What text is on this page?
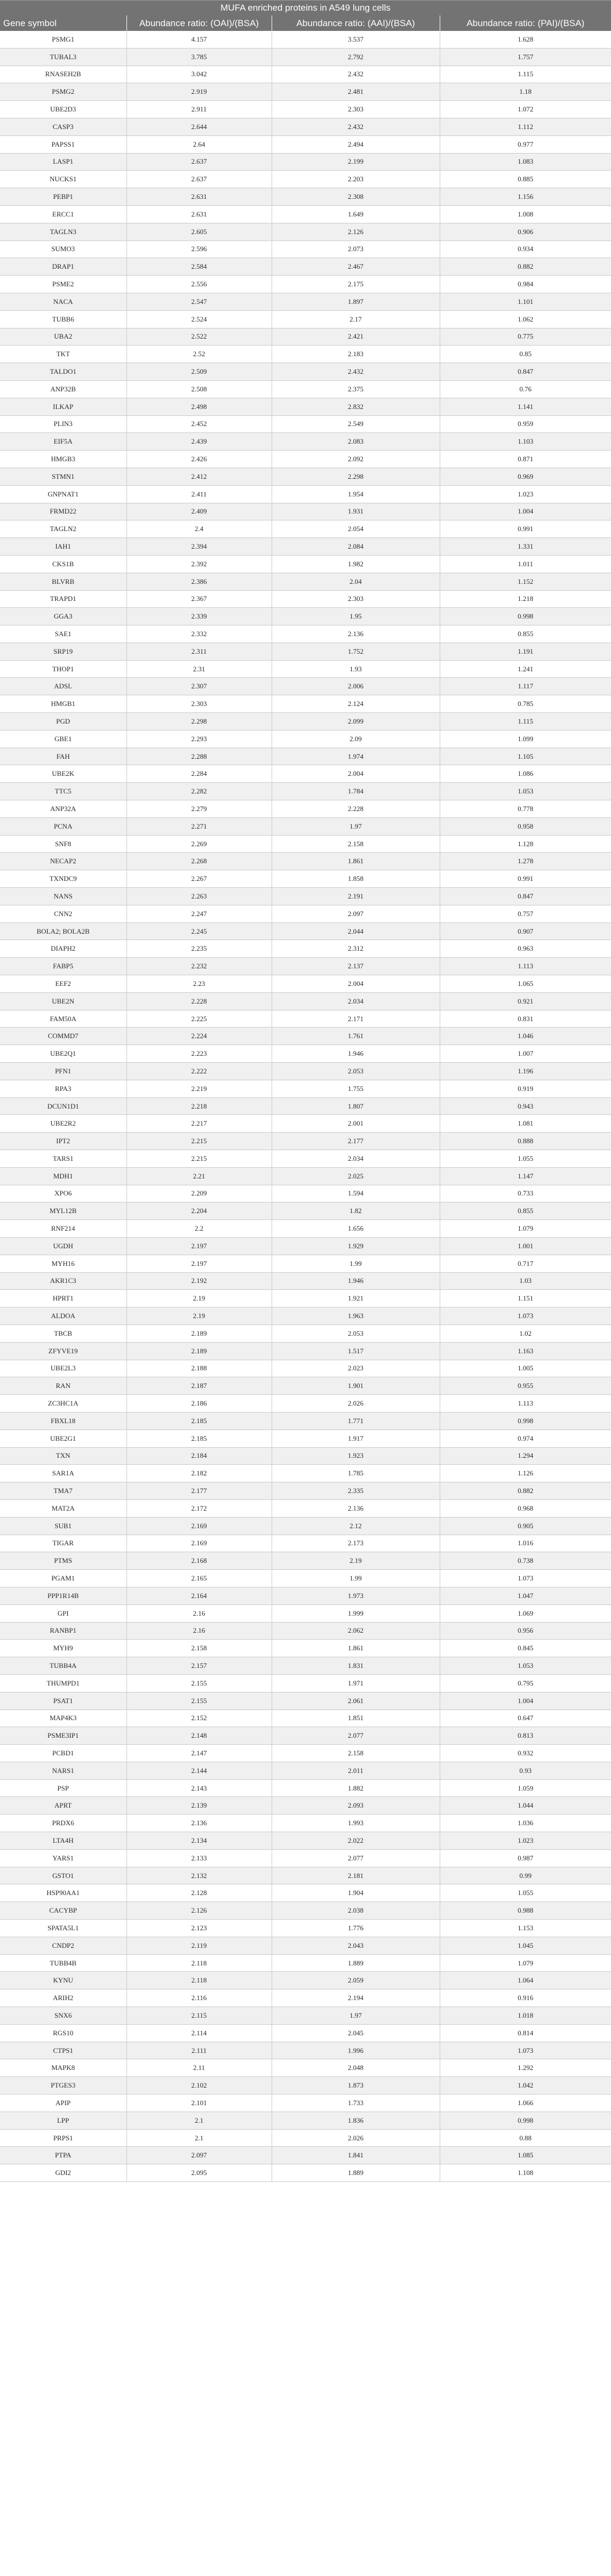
MUFA enriched proteins in A549 lung cells
Gene symbol	Abundance ratio: (OAI)/(BSA)	Abundance ratio: (AAI)/(BSA)	Abundance ratio: (PAI)/(BSA)
PSMG1	4.157	3.537	1.628
TUBAL3	3.785	2.792	1.757
RNASEH2B	3.042	2.432	1.115
PSMG2	2.919	2.481	1.18
UBE2D3	2.911	2.303	1.072
CASP3	2.644	2.432	1.112
PAPSS1	2.64	2.494	0.977
LASP1	2.637	2.199	1.083
NUCKS1	2.637	2.203	0.885
PEBP1	2.631	2.308	1.156
ERCC1	2.631	1.649	1.008
TAGLN3	2.605	2.126	0.906
SUMO3	2.596	2.073	0.934
DRAP1	2.584	2.467	0.882
PSME2	2.556	2.175	0.984
NACA	2.547	1.897	1.101
TUBB6	2.524	2.17	1.062
UBA2	2.522	2.421	0.775
TKT	2.52	2.183	0.85
TALDO1	2.509	2.432	0.847
ANP32B	2.508	2.375	0.76
ILKAP	2.498	2.832	1.141
PLIN3	2.452	2.549	0.959
EIF5A	2.439	2.083	1.103
HMGB3	2.426	2.092	0.871
STMN1	2.412	2.298	0.969
GNPNAT1	2.411	1.954	1.023
FRMD22	2.409	1.931	1.004
TAGLN2	2.4	2.054	0.991
IAH1	2.394	2.084	1.331
CKS1B	2.392	1.982	1.011
BLVRB	2.386	2.04	1.152
TRAPD1	2.367	2.303	1.218
GGA3	2.339	1.95	0.998
SAE1	2.332	2.136	0.855
SRP19	2.311	1.752	1.191
THOP1	2.31	1.93	1.241
ADSL	2.307	2.006	1.117
HMGB1	2.303	2.124	0.785
PGD	2.298	2.099	1.115
GBE1	2.293	2.09	1.099
FAH	2.288	1.974	1.105
UBE2K	2.284	2.004	1.086
TTC5	2.282	1.784	1.053
ANP32A	2.279	2.228	0.778
PCNA	2.271	1.97	0.958
SNF8	2.269	2.158	1.128
NECAP2	2.268	1.861	1.278
TXNDC9	2.267	1.858	0.991
NANS	2.263	2.191	0.847
CNN2	2.247	2.097	0.757
BOLA2; BOLA2B	2.245	2.044	0.907
DIAPH2	2.235	2.312	0.963
FABP5	2.232	2.137	1.113
EEF2	2.23	2.004	1.065
UBE2N	2.228	2.034	0.921
FAM50A	2.225	2.171	0.831
COMMD7	2.224	1.761	1.046
UBE2Q1	2.223	1.946	1.007
PFN1	2.222	2.053	1.196
RPA3	2.219	1.755	0.919
DCUN1D1	2.218	1.807	0.943
UBE2R2	2.217	2.001	1.081
IPT2	2.215	2.177	0.888
TARS1	2.215	2.034	1.055
MDH1	2.21	2.025	1.147
XPO6	2.209	1.594	0.733
MYL12B	2.204	1.82	0.855
RNF214	2.2	1.656	1.079
UGDH	2.197	1.929	1.001
MYH16	2.197	1.99	0.717
AKR1C3	2.192	1.946	1.03
HPRT1	2.19	1.921	1.151
ALDOA	2.19	1.963	1.073
TBCB	2.189	2.053	1.02
ZFYVE19	2.189	1.517	1.163
UBE2L3	2.188	2.023	1.005
RAN	2.187	1.901	0.955
ZC3HC1A	2.186	2.026	1.113
FBXL18	2.185	1.771	0.998
UBE2G1	2.185	1.917	0.974
TXN	2.184	1.923	1.294
SAR1A	2.182	1.785	1.126
TMA7	2.177	2.335	0.882
MAT2A	2.172	2.136	0.968
SUB1	2.169	2.12	0.905
TIGAR	2.169	2.173	1.016
PTMS	2.168	2.19	0.738
PGAM1	2.165	1.99	1.073
PPP1R14B	2.164	1.973	1.047
GPI	2.16	1.999	1.069
RANBP1	2.16	2.062	0.956
MYH9	2.158	1.861	0.845
TUBB4A	2.157	1.831	1.053
THUMPD1	2.155	1.971	0.795
PSAT1	2.155	2.061	1.004
MAP4K3	2.152	1.851	0.647
PSME3IP1	2.148	2.077	0.813
PCBD1	2.147	2.158	0.932
NARS1	2.144	2.011	0.93
PSP	2.143	1.882	1.059
APRT	2.139	2.093	1.044
PRDX6	2.136	1.993	1.036
LTA4H	2.134	2.022	1.023
YARS1	2.133	2.077	0.987
GSTO1	2.132	2.181	0.99
HSP90AA1	2.128	1.904	1.055
CACYBP	2.126	2.038	0.988
SPATA5L1	2.123	1.776	1.153
CNDP2	2.119	2.043	1.045
TUBB4B	2.118	1.889	1.079
KYNU	2.118	2.059	1.064
ARIH2	2.116	2.194	0.916
SNX6	2.115	1.97	1.018
RGS10	2.114	2.045	0.814
CTPS1	2.111	1.996	1.073
MAPK8	2.11	2.048	1.292
PTGES3	2.102	1.873	1.042
APIP	2.101	1.733	1.066
LPP	2.1	1.836	0.998
PRPS1	2.1	2.026	0.88
PTPA	2.097	1.841	1.085
GDI2	2.095	1.889	1.108
